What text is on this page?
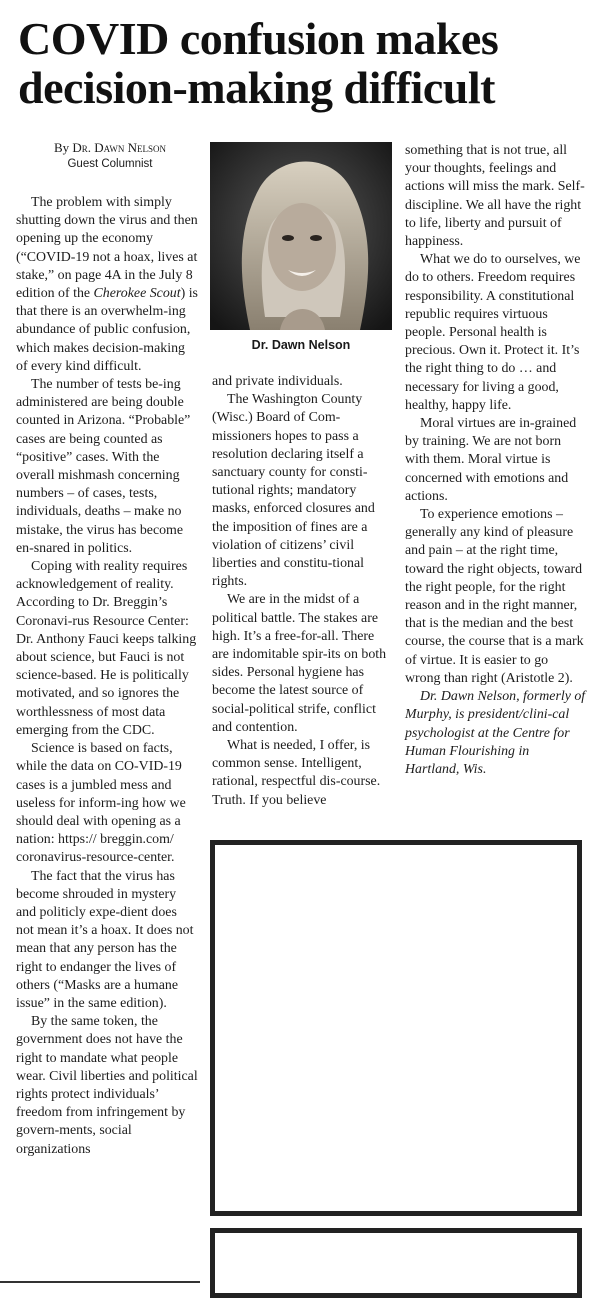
COVID confusion makes decision-making difficult
By Dr. Dawn Nelson
Guest Columnist

The problem with simply shutting down the virus and then opening up the economy (“COVID-19 not a hoax, lives at stake,” on page 4A in the July 8 edition of the Cherokee Scout) is that there is an overwhelm-ing abundance of public confusion, which makes decision-making of every kind difficult.

The number of tests be-ing administered are being double counted in Arizona. “Probable” cases are being counted as “positive” cases. With the overall mishmash concerning numbers – of cases, tests, individuals, deaths – make no mistake, the virus has become en-snared in politics.

Coping with reality requires acknowledgement of reality. According to Dr. Breggin’s Coronavi-rus Resource Center: Dr. Anthony Fauci keeps talking about science, but Fauci is not science-based. He is politically motivated, and so ignores the worthlessness of most data emerging from the CDC.

Science is based on facts, while the data on CO-VID-19 cases is a jumbled mess and useless for inform-ing how we should deal with opening as a nation: https:// breggin.com/ coronavirus-resource-center.

The fact that the virus has become shrouded in mystery and politicly expe-dient does not mean it’s a hoax. It does not mean that any person has the right to endanger the lives of others (“Masks are a humane issue” in the same edition).

By the same token, the government does not have the right to mandate what people wear. Civil liberties and political rights protect individuals’ freedom from infringement by govern-ments, social organizations

Dr. Dawn Nelson

and private individuals.

The Washington County (Wisc.) Board of Com-missioners hopes to pass a resolution declaring itself a sanctuary county for consti-tutional rights; mandatory masks, enforced closures and the imposition of fines are a violation of citizens’ civil liberties and constitu-tional rights.

We are in the midst of a political battle. The stakes are high. It’s a free-for-all. There are indomitable spir-its on both sides. Personal hygiene has become the latest source of social-political strife, conflict and contention.

What is needed, I offer, is common sense. Intelligent, rational, respectful dis-course. Truth. If you believe

something that is not true, all your thoughts, feelings and actions will miss the mark. Self-discipline. We all have the right to life, liberty and pursuit of happiness.

What we do to ourselves, we do to others. Freedom requires responsibility. A constitutional republic requires virtuous people. Personal health is precious. Own it. Protect it. It’s the right thing to do … and necessary for living a good, healthy, happy life.

Moral virtues are in-grained by training. We are not born with them. Moral virtue is concerned with emotions and actions.

To experience emotions – generally any kind of pleasure and pain – at the right time, toward the right objects, toward the right people, for the right reason and in the right manner, that is the median and the best course, the course that is a mark of virtue. It is easier to go wrong than right (Aristotle 2).

Dr. Dawn Nelson, formerly of Murphy, is president/clini-cal psychologist at the Centre for Human Flourishing in Hartland, Wis.
